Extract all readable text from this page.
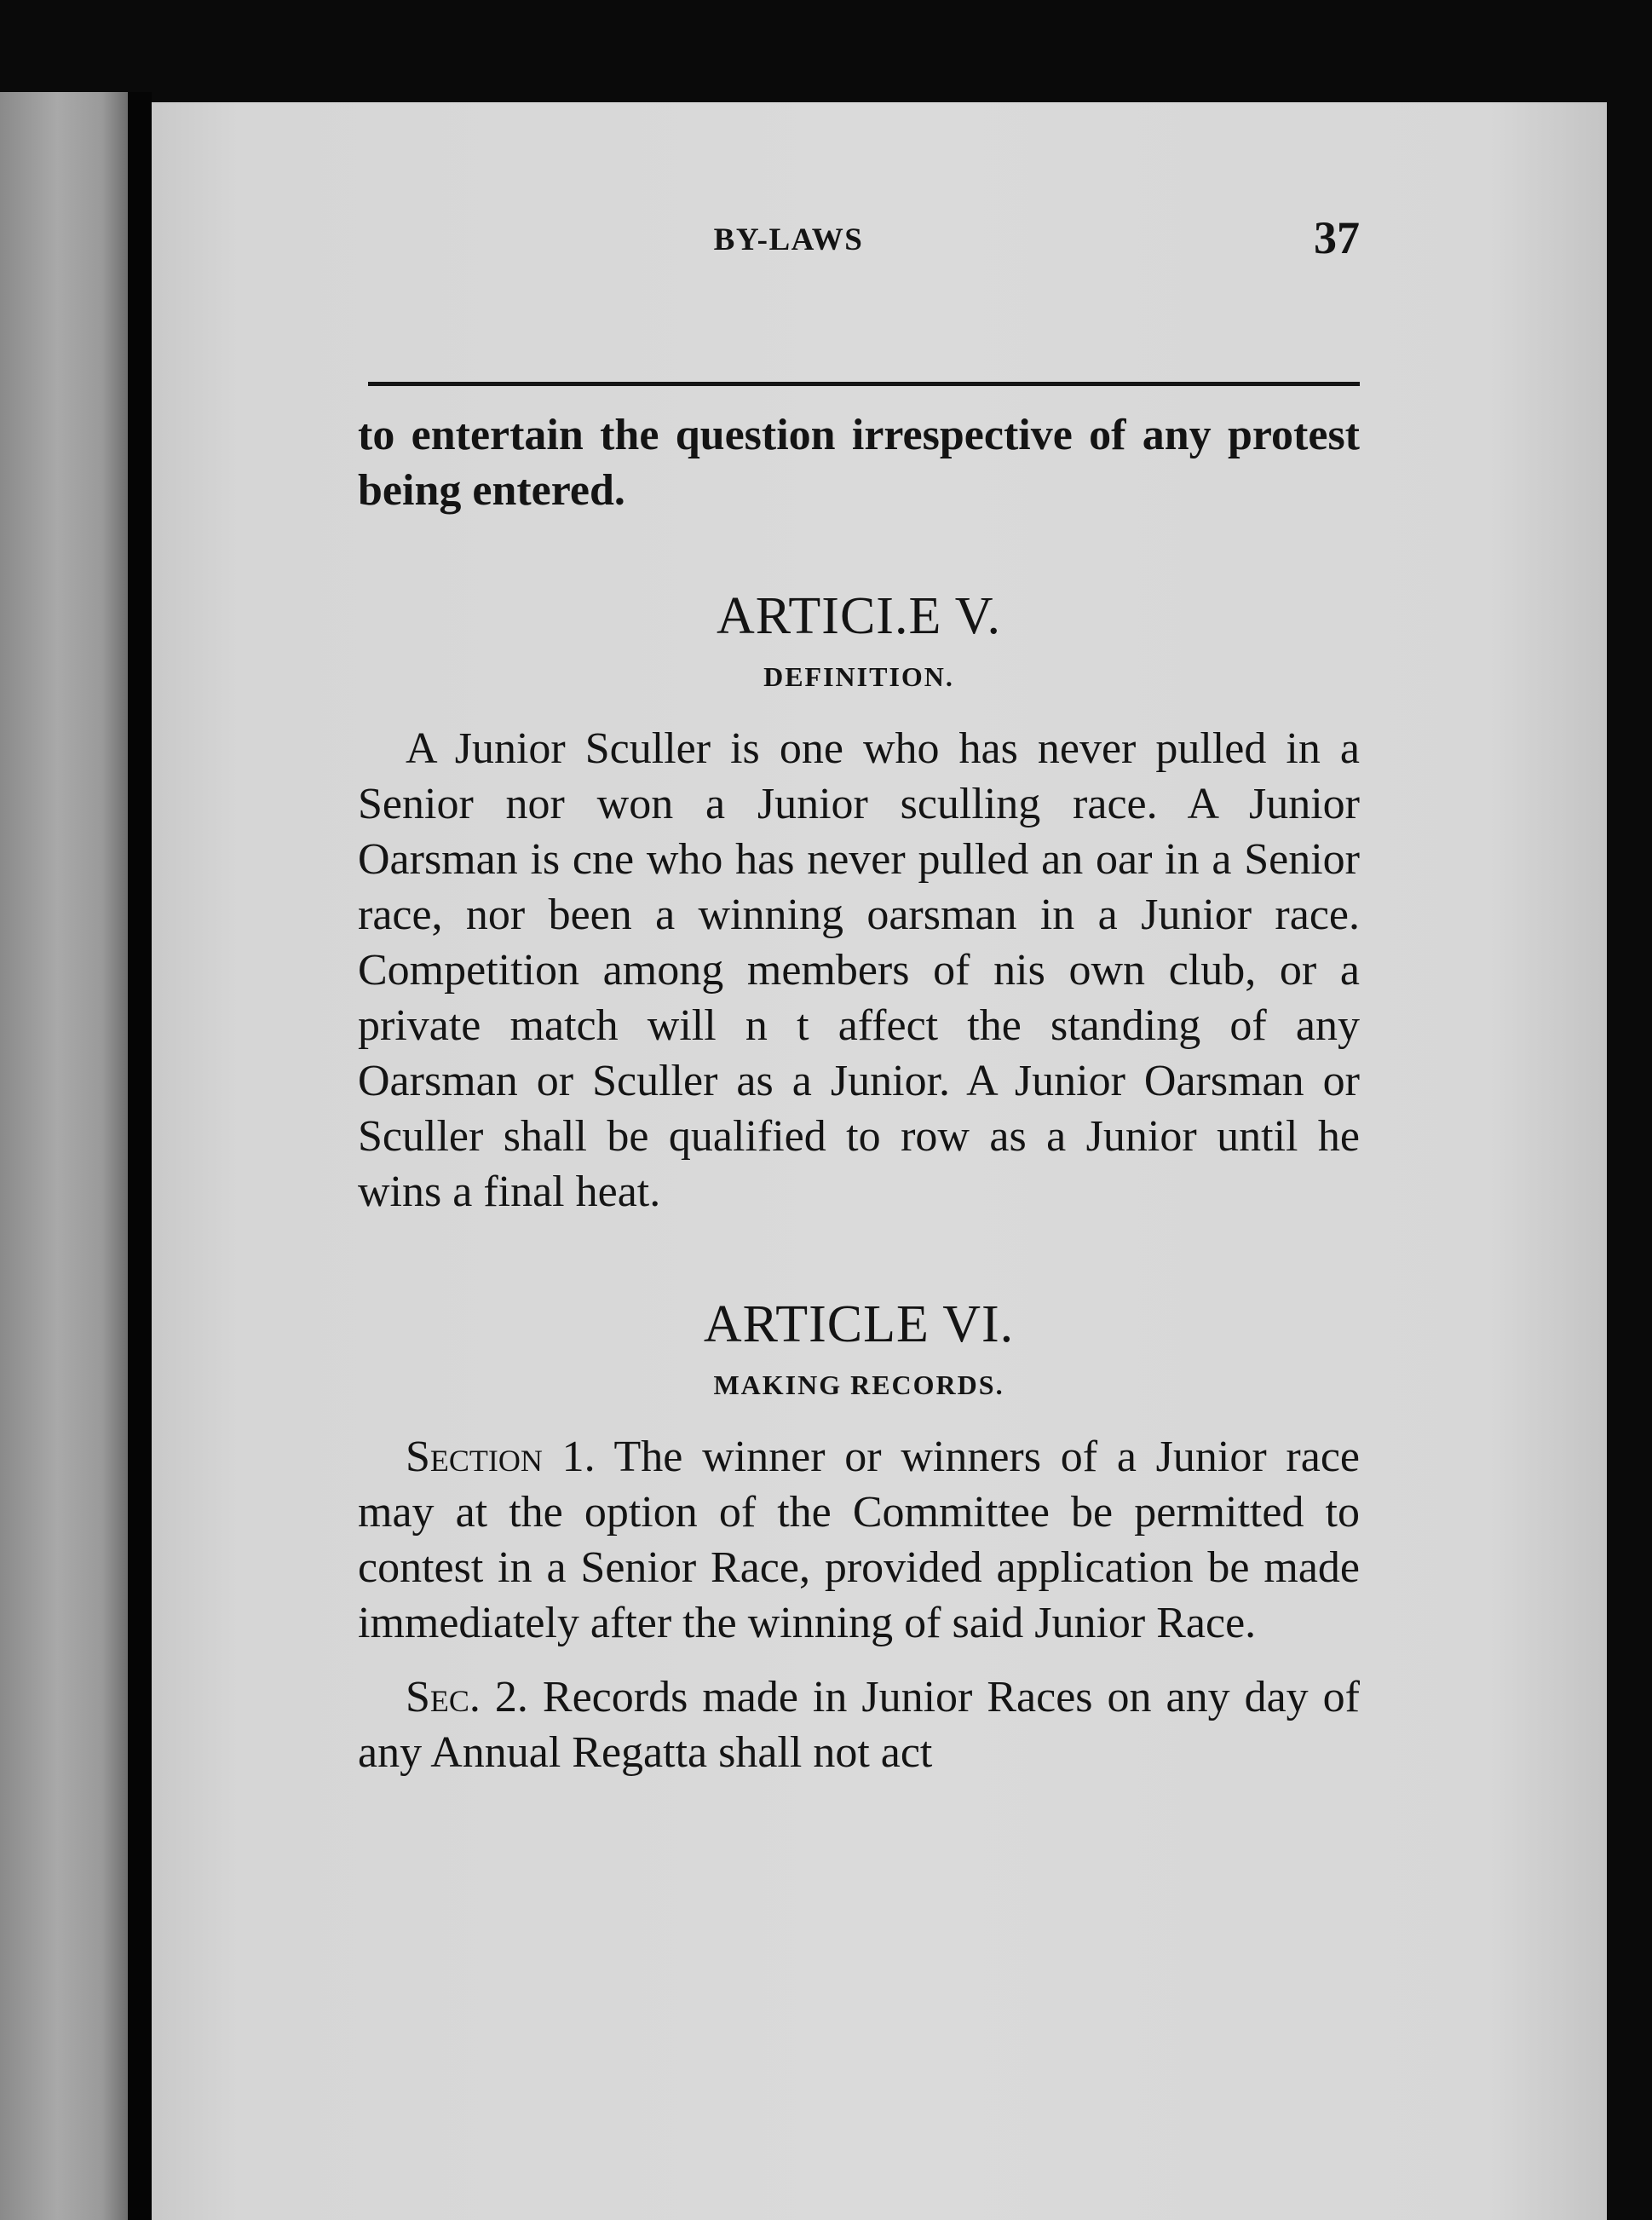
BY-LAWS	37

to entertain the question irrespective of any protest being entered.

ARTICI.E V.
DEFINITION.

A Junior Sculler is one who has never pulled in a Senior nor won a Junior sculling race. A Junior Oarsman is cne who has never pulled an oar in a Senior race, nor been a winning oarsman in a Junior race. Competition among members of nis own club, or a private match will n t affect the standing of any Oarsman or Sculler as a Junior. A Junior Oarsman or Sculler shall be qualified to row as a Junior until he wins a final heat.

ARTICLE VI.
MAKING RECORDS.

Section 1. The winner or winners of a Junior race may at the option of the Committee be permitted to contest in a Senior Race, provided application be made immediately after the winning of said Junior Race.

Sec. 2. Records made in Junior Races on any day of any Annual Regatta shall not act
